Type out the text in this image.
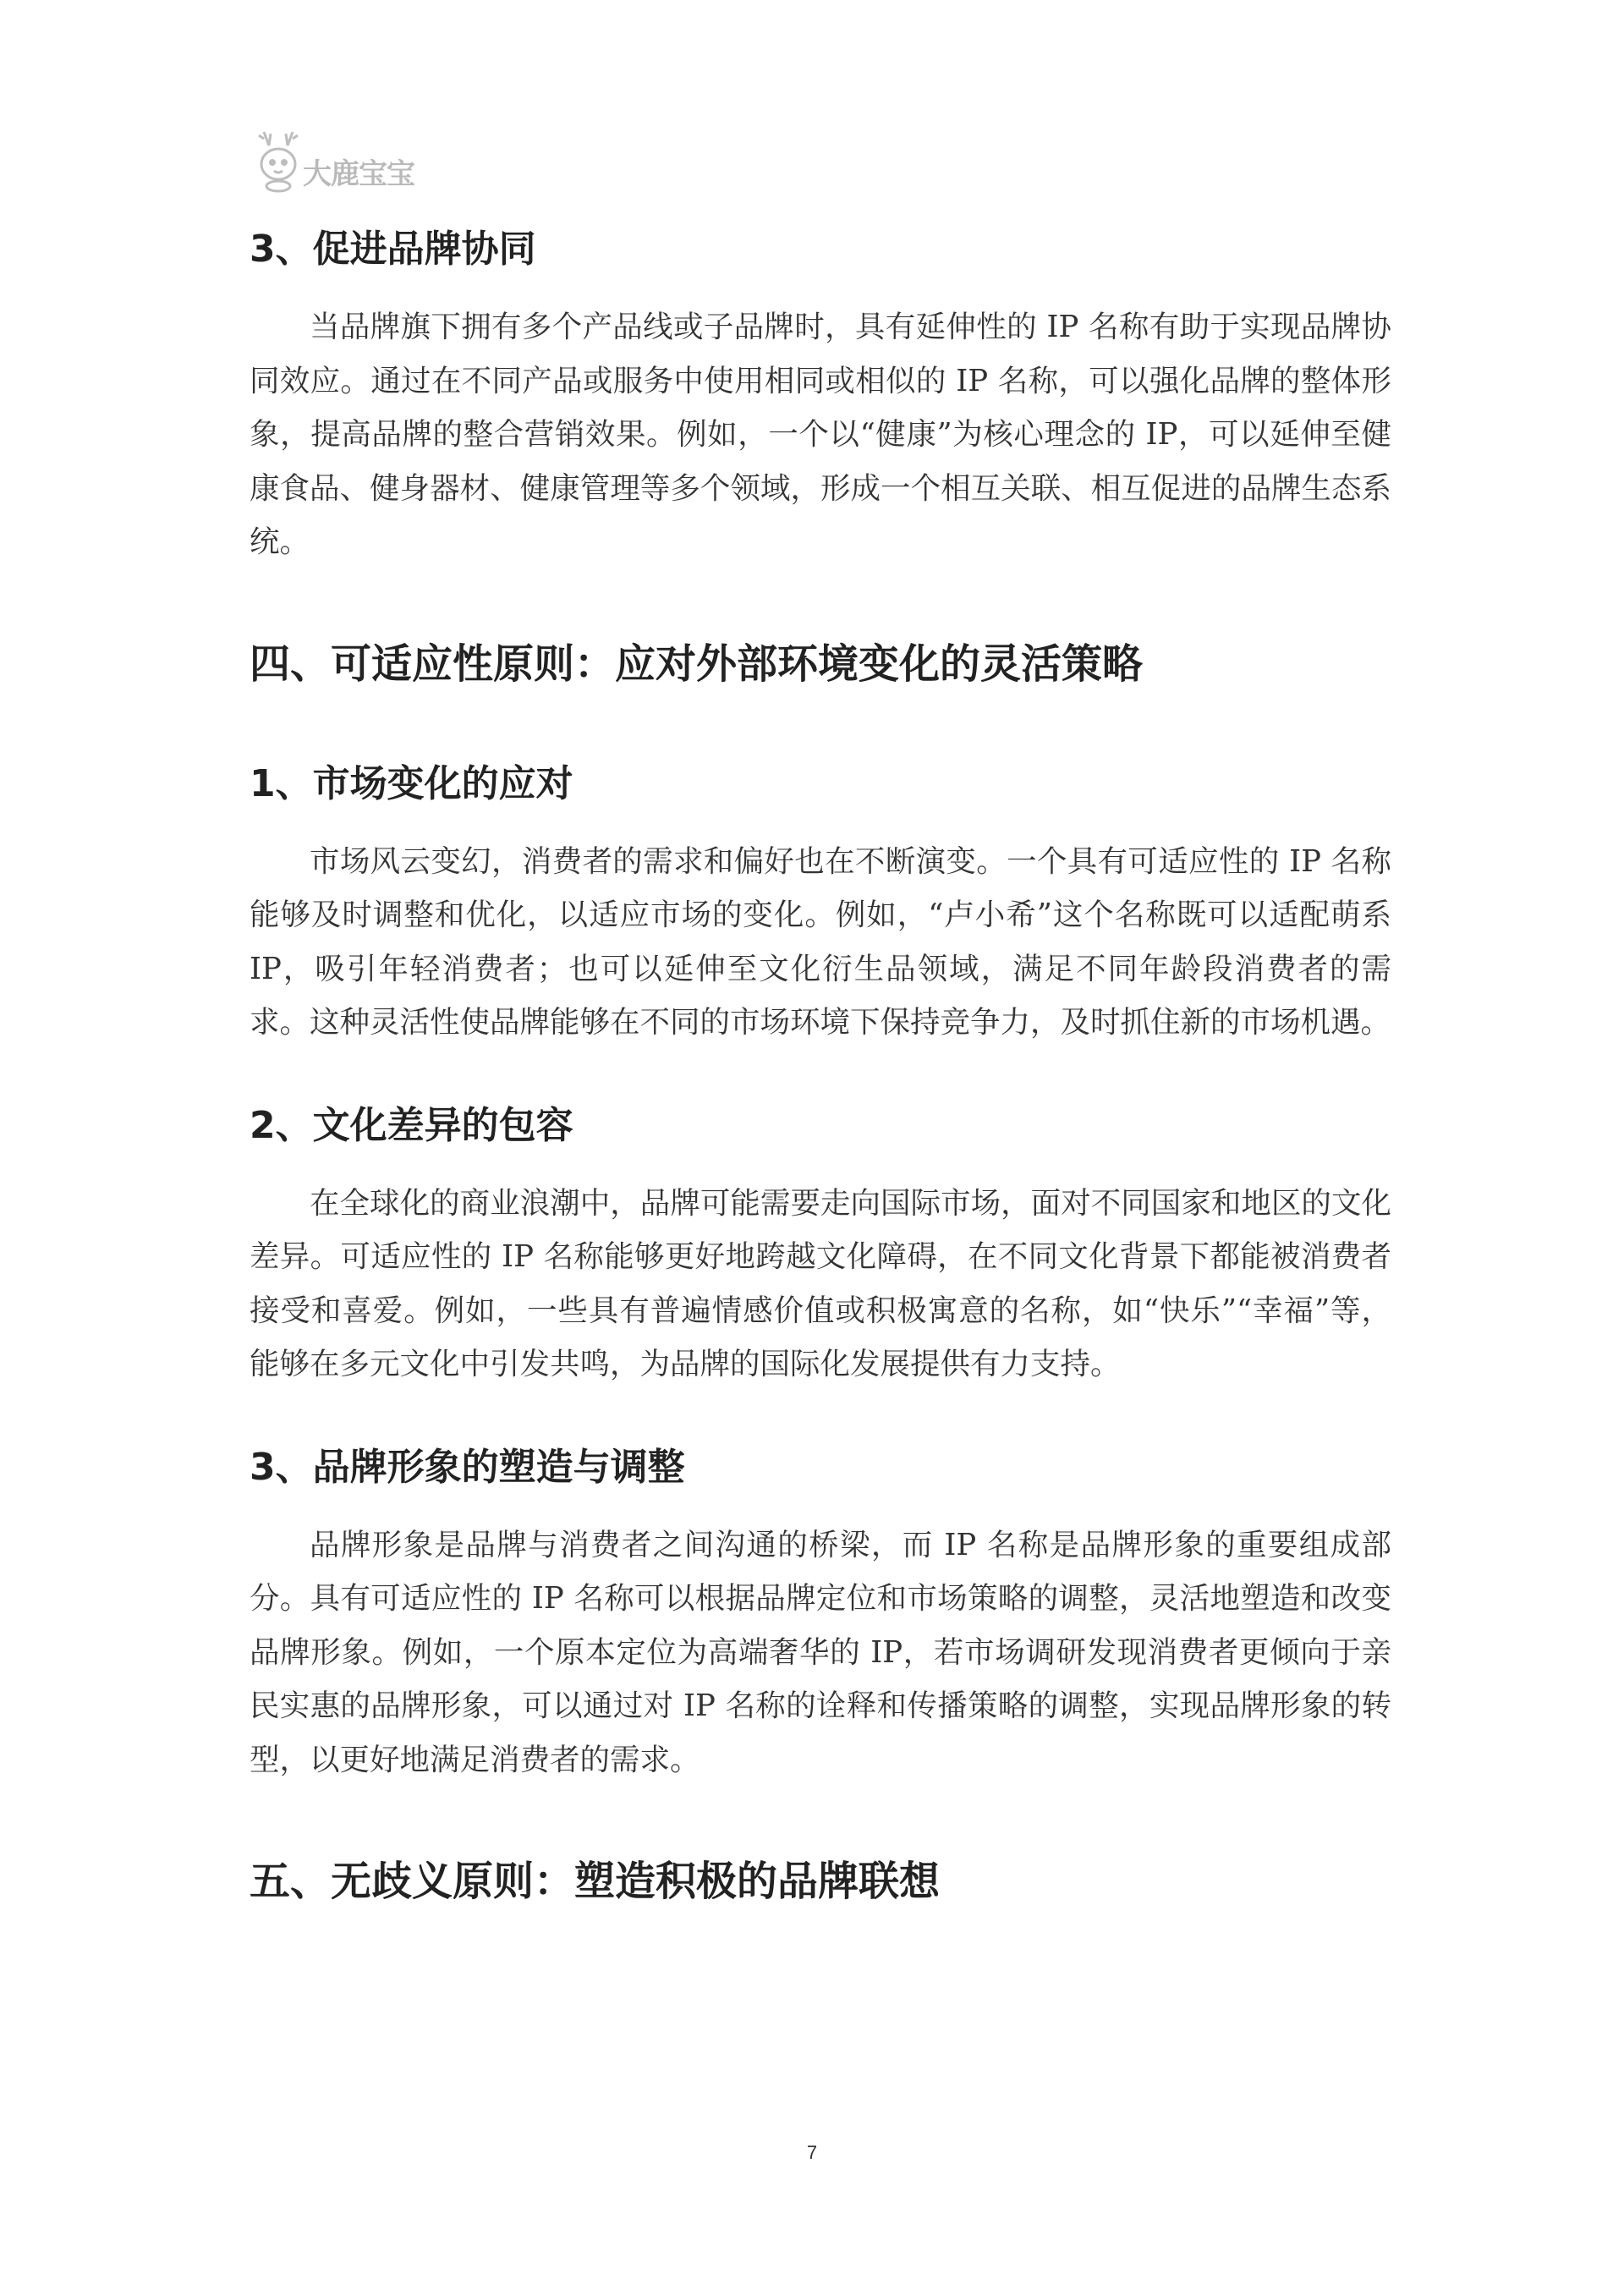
大鹿宝宝
3、促进品牌协同

当品牌旗下拥有多个产品线或子品牌时，具有延伸性的 IP 名称有助于实现品牌协同效应。通过在不同产品或服务中使用相同或相似的 IP 名称，可以强化品牌的整体形象，提高品牌的整合营销效果。例如，一个以“健康”为核心理念的 IP，可以延伸至健康食品、健身器材、健康管理等多个领域，形成一个相互关联、相互促进的品牌生态系统。

四、可适应性原则：应对外部环境变化的灵活策略
1、市场变化的应对

市场风云变幻，消费者的需求和偏好也在不断演变。一个具有可适应性的 IP 名称能够及时调整和优化，以适应市场的变化。例如，“卢小希”这个名称既可以适配萌系 IP，吸引年轻消费者；也可以延伸至文化衍生品领域，满足不同年龄段消费者的需求。这种灵活性使品牌能够在不同的市场环境下保持竞争力，及时抓住新的市场机遇。

2、文化差异的包容

在全球化的商业浪潮中，品牌可能需要走向国际市场，面对不同国家和地区的文化差异。可适应性的 IP 名称能够更好地跨越文化障碍，在不同文化背景下都能被消费者接受和喜爱。例如，一些具有普遍情感价值或积极寓意的名称，如“快乐”“幸福”等，能够在多元文化中引发共鸣，为品牌的国际化发展提供有力支持。

3、品牌形象的塑造与调整

品牌形象是品牌与消费者之间沟通的桥梁，而 IP 名称是品牌形象的重要组成部分。具有可适应性的 IP 名称可以根据品牌定位和市场策略的调整，灵活地塑造和改变品牌形象。例如，一个原本定位为高端奢华的 IP，若市场调研发现消费者更倾向于亲民实惠的品牌形象，可以通过对 IP 名称的诠释和传播策略的调整，实现品牌形象的转型，以更好地满足消费者的需求。

五、无歧义原则：塑造积极的品牌联想
7
